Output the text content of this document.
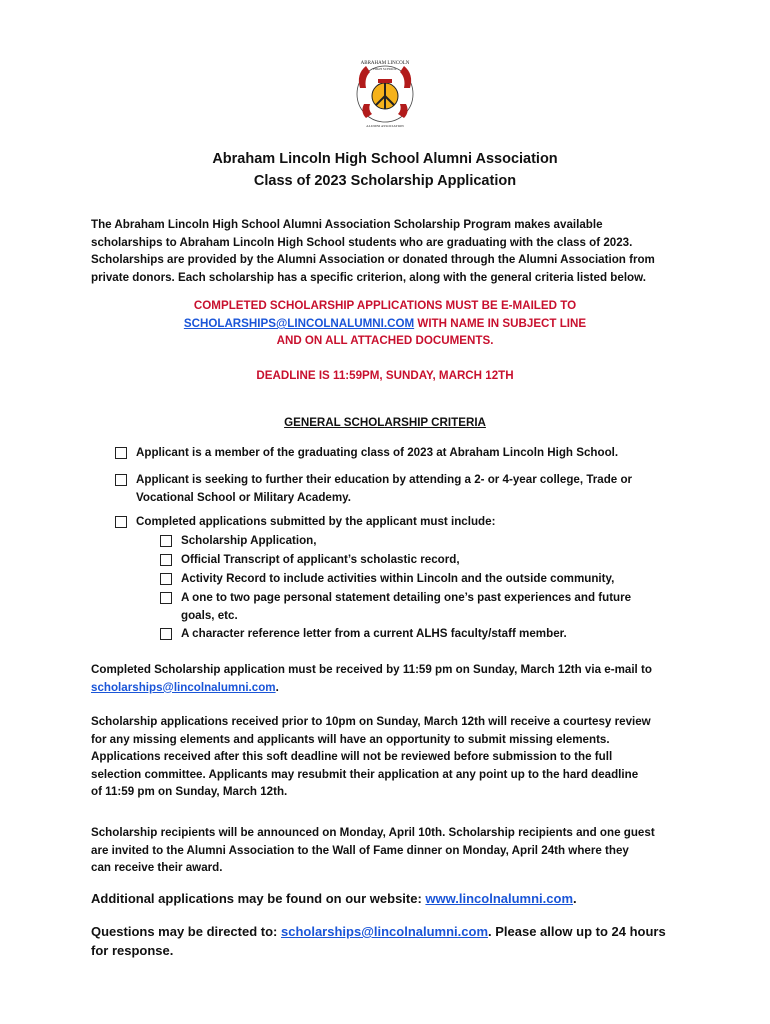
ABRAHAM LINCOLN
HIGH SCHOOL
ALUMNI ASSOCIATION
Abraham Lincoln High School Alumni Association
Class of 2023 Scholarship Application
The Abraham Lincoln High School Alumni Association Scholarship Program makes available
scholarships to Abraham Lincoln High School students who are graduating with the class of 2023.
Scholarships are provided by the Alumni Association or donated through the Alumni Association from
private donors. Each scholarship has a specific criterion, along with the general criteria listed below.
COMPLETED SCHOLARSHIP APPLICATIONS MUST BE E-MAILED TO
SCHOLARSHIPS@LINCOLNALUMNI.COM WITH NAME IN SUBJECT LINE
AND ON ALL ATTACHED DOCUMENTS.
DEADLINE IS 11:59PM, SUNDAY, MARCH 12TH
GENERAL SCHOLARSHIP CRITERIA
Applicant is a member of the graduating class of 2023 at Abraham Lincoln High School.
Applicant is seeking to further their education by attending a 2- or 4-year college, Trade or
Vocational School or Military Academy.
Completed applications submitted by the applicant must include:
Scholarship Application,
Official Transcript of applicant’s scholastic record,
Activity Record to include activities within Lincoln and the outside community,
A one to two page personal statement detailing one’s past experiences and future
goals, etc.
A character reference letter from a current ALHS faculty/staff member.
Completed Scholarship application must be received by 11:59 pm on Sunday, March 12th via e-mail to
scholarships@lincolnalumni.com.
Scholarship applications received prior to 10pm on Sunday, March 12th will receive a courtesy review
for any missing elements and applicants will have an opportunity to submit missing elements.
Applications received after this soft deadline will not be reviewed before submission to the full
selection committee. Applicants may resubmit their application at any point up to the hard deadline
of 11:59 pm on Sunday, March 12th.
Scholarship recipients will be announced on Monday, April 10th. Scholarship recipients and one guest
are invited to the Alumni Association to the Wall of Fame dinner on Monday, April 24th where they
can receive their award.
Additional applications may be found on our website: www.lincolnalumni.com.
Questions may be directed to: scholarships@lincolnalumni.com. Please allow up to 24 hours
for response.
